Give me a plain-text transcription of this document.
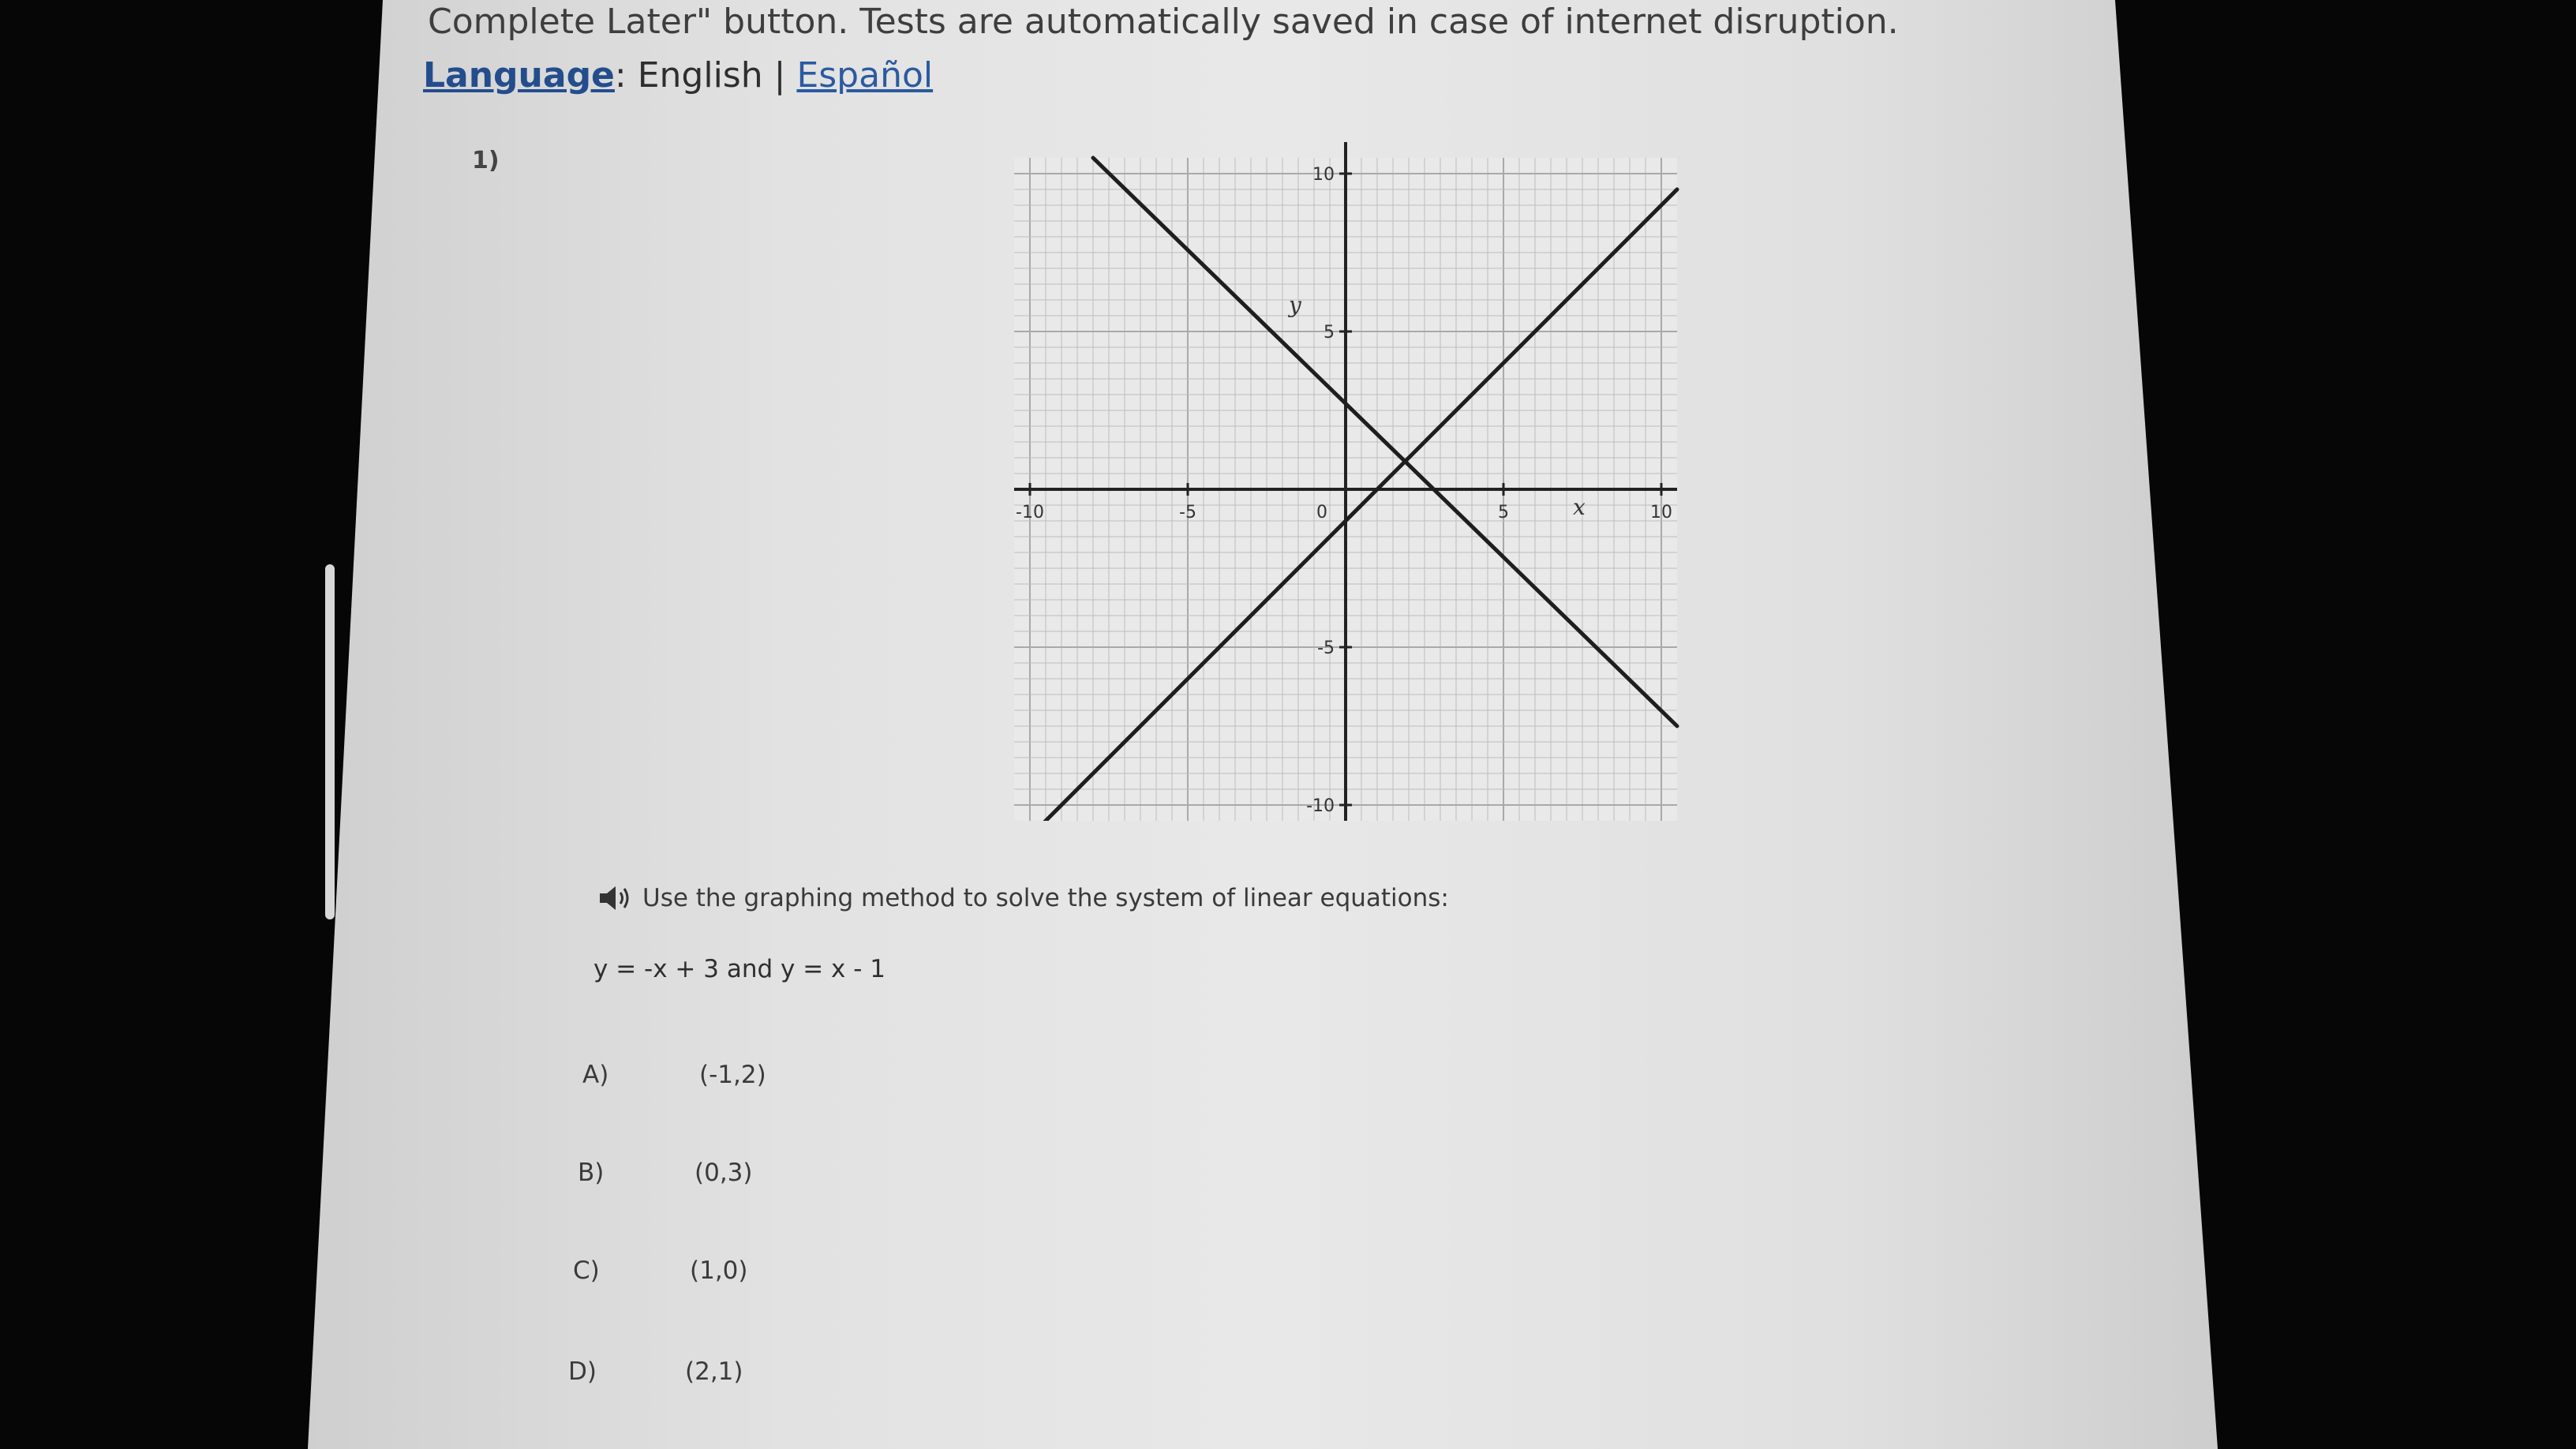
Complete Later" button. Tests are automatically saved in case of internet disruption.
Language: English | Español
1)
-10	-5	0	5	10
10
5
-5
-10
x
y
Use the graphing method to solve the system of linear equations:
y = -x + 3 and y = x - 1
A)	(-1,2)
B)	(0,3)
C)	(1,0)
D)	(2,1)
